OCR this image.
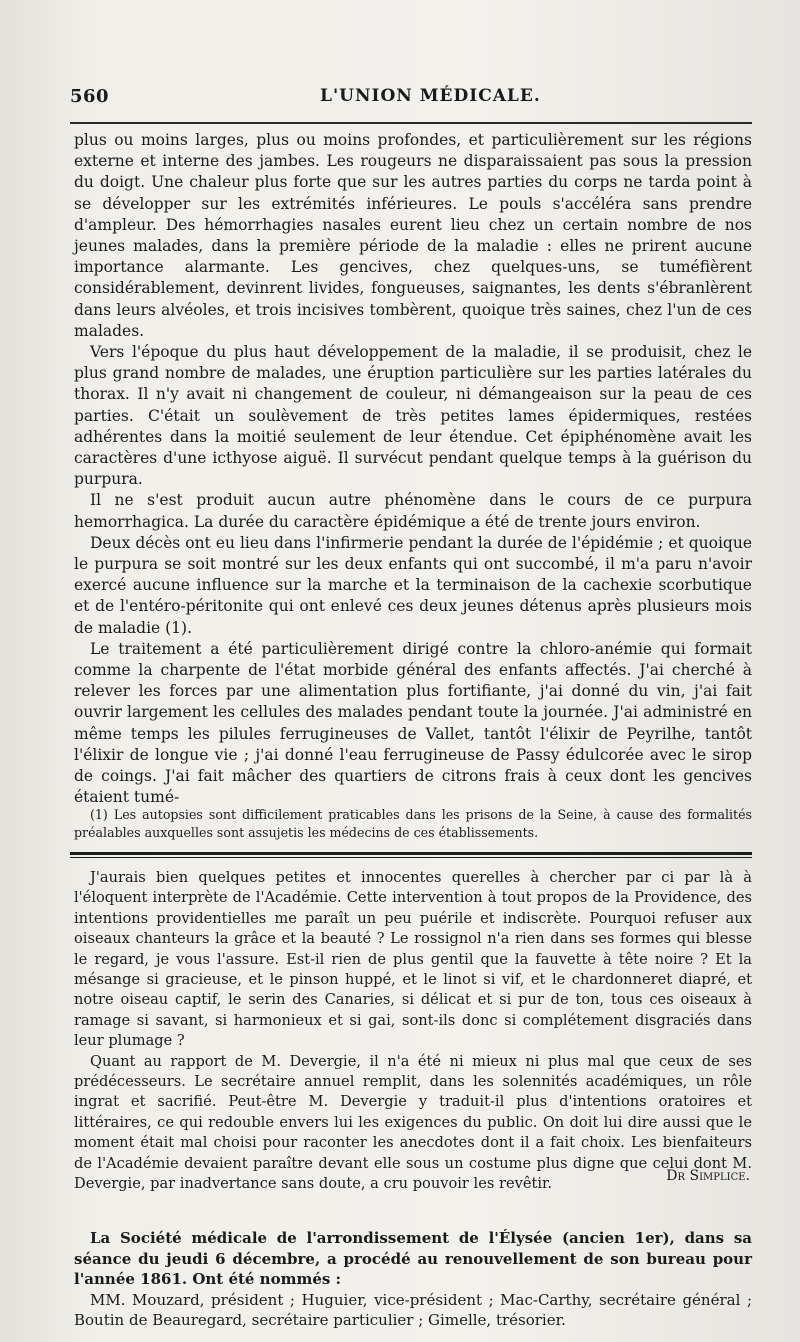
560	L'UNION MÉDICALE.

plus ou moins larges, plus ou moins profondes, et particulièrement sur les régions externe et interne des jambes. Les rougeurs ne disparaissaient pas sous la pression du doigt. Une chaleur plus forte que sur les autres parties du corps ne tarda point à se développer sur les extrémités inférieures. Le pouls s'accéléra sans prendre d'ampleur. Des hémorrhagies nasales eurent lieu chez un certain nombre de nos jeunes malades, dans la première période de la maladie : elles ne prirent aucune importance alarmante. Les gencives, chez quelques-uns, se tuméfièrent considérablement, devinrent livides, fongueuses, saignantes, les dents s'ébranlèrent dans leurs alvéoles, et trois incisives tombèrent, quoique très saines, chez l'un de ces malades.

Vers l'époque du plus haut développement de la maladie, il se produisit, chez le plus grand nombre de malades, une éruption particulière sur les parties latérales du thorax. Il n'y avait ni changement de couleur, ni démangeaison sur la peau de ces parties. C'était un soulèvement de très petites lames épidermiques, restées adhérentes dans la moitié seulement de leur étendue. Cet épiphénomène avait les caractères d'une icthyose aiguë. Il survécut pendant quelque temps à la guérison du purpura.

Il ne s'est produit aucun autre phénomène dans le cours de ce purpura hemorrhagica. La durée du caractère épidémique a été de trente jours environ.

Deux décès ont eu lieu dans l'infirmerie pendant la durée de l'épidémie ; et quoique le purpura se soit montré sur les deux enfants qui ont succombé, il m'a paru n'avoir exercé aucune influence sur la marche et la terminaison de la cachexie scorbutique et de l'entéro-péritonite qui ont enlevé ces deux jeunes détenus après plusieurs mois de maladie (1).

Le traitement a été particulièrement dirigé contre la chloro-anémie qui formait comme la charpente de l'état morbide général des enfants affectés. J'ai cherché à relever les forces par une alimentation plus fortifiante, j'ai donné du vin, j'ai fait ouvrir largement les cellules des malades pendant toute la journée. J'ai administré en même temps les pilules ferrugineuses de Vallet, tantôt l'élixir de Peyrilhe, tantôt l'élixir de longue vie ; j'ai donné l'eau ferrugineuse de Passy édulcorée avec le sirop de coings. J'ai fait mâcher des quartiers de citrons frais à ceux dont les gencives étaient tumé-

(1) Les autopsies sont difficilement praticables dans les prisons de la Seine, à cause des formalités préalables auxquelles sont assujetis les médecins de ces établissements.

J'aurais bien quelques petites et innocentes querelles à chercher par ci par là à l'éloquent interprète de l'Académie. Cette intervention à tout propos de la Providence, des intentions providentielles me paraît un peu puérile et indiscrète. Pourquoi refuser aux oiseaux chanteurs la grâce et la beauté ? Le rossignol n'a rien dans ses formes qui blesse le regard, je vous l'assure. Est-il rien de plus gentil que la fauvette à tête noire ? Et la mésange si gracieuse, et le pinson huppé, et le linot si vif, et le chardonneret diapré, et notre oiseau captif, le serin des Canaries, si délicat et si pur de ton, tous ces oiseaux à ramage si savant, si harmonieux et si gai, sont-ils donc si complétement disgraciés dans leur plumage ?

Quant au rapport de M. Devergie, il n'a été ni mieux ni plus mal que ceux de ses prédécesseurs. Le secrétaire annuel remplit, dans les solennités académiques, un rôle ingrat et sacrifié. Peut-être M. Devergie y traduit-il plus d'intentions oratoires et littéraires, ce qui redouble envers lui les exigences du public. On doit lui dire aussi que le moment était mal choisi pour raconter les anecdotes dont il a fait choix. Les bienfaiteurs de l'Académie devaient paraître devant elle sous un costume plus digne que celui dont M. Devergie, par inadvertance sans doute, a cru pouvoir les revêtir.	Dr Simplice.

La Société médicale de l'arrondissement de l'Élysée (ancien 1er), dans sa séance du jeudi 6 décembre, a procédé au renouvellement de son bureau pour l'année 1861. Ont été nommés :

MM. Mouzard, président ; Huguier, vice-président ; Mac-Carthy, secrétaire général ; Boutin de Beauregard, secrétaire particulier ; Gimelle, trésorier.
